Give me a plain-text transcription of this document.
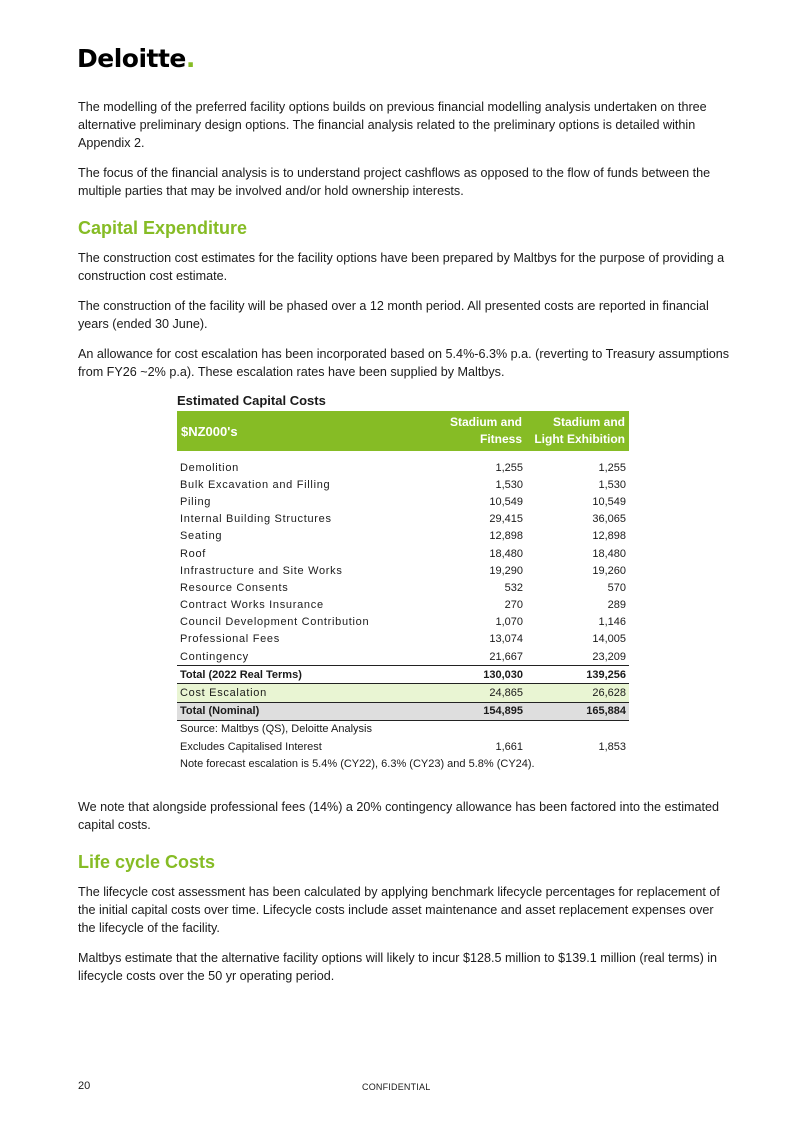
Deloitte.

The modelling of the preferred facility options builds on previous financial modelling analysis undertaken on three alternative preliminary design options. The financial analysis related to the preliminary options is detailed within Appendix 2.

The focus of the financial analysis is to understand project cashflows as opposed to the flow of funds between the multiple parties that may be involved and/or hold ownership interests.

Capital Expenditure

The construction cost estimates for the facility options have been prepared by Maltbys for the purpose of providing a construction cost estimate.

The construction of the facility will be phased over a 12 month period. All presented costs are reported in financial years (ended 30 June).

An allowance for cost escalation has been incorporated based on 5.4%-6.3% p.a. (reverting to Treasury assumptions from FY26 ~2% p.a). These escalation rates have been supplied by Maltbys.

Estimated Capital Costs
$NZ000's	Stadium and Fitness	Stadium and Light Exhibition

Demolition	1,255	1,255
Bulk Excavation and Filling	1,530	1,530
Piling	10,549	10,549
Internal Building Structures	29,415	36,065
Seating	12,898	12,898
Roof	18,480	18,480
Infrastructure and Site Works	19,290	19,260
Resource Consents	532	570
Contract Works Insurance	270	289
Council Development Contribution	1,070	1,146
Professional Fees	13,074	14,005
Contingency	21,667	23,209
Total (2022 Real Terms)	130,030	139,256
Cost Escalation	24,865	26,628
Total (Nominal)	154,895	165,884
Source: Maltbys (QS), Deloitte Analysis		
Excludes Capitalised Interest	1,661	1,853
Note forecast escalation is 5.4% (CY22), 6.3% (CY23) and 5.8% (CY24).		

We note that alongside professional fees (14%) a 20% contingency allowance has been factored into the estimated capital costs.

Life cycle Costs

The lifecycle cost assessment has been calculated by applying benchmark lifecycle percentages for replacement of the initial capital costs over time. Lifecycle costs include asset maintenance and asset replacement expenses over the lifecycle of the facility.

Maltbys estimate that the alternative facility options will likely to incur $128.5 million to $139.1 million (real terms) in lifecycle costs over the 50 yr operating period.

20	CONFIDENTIAL
